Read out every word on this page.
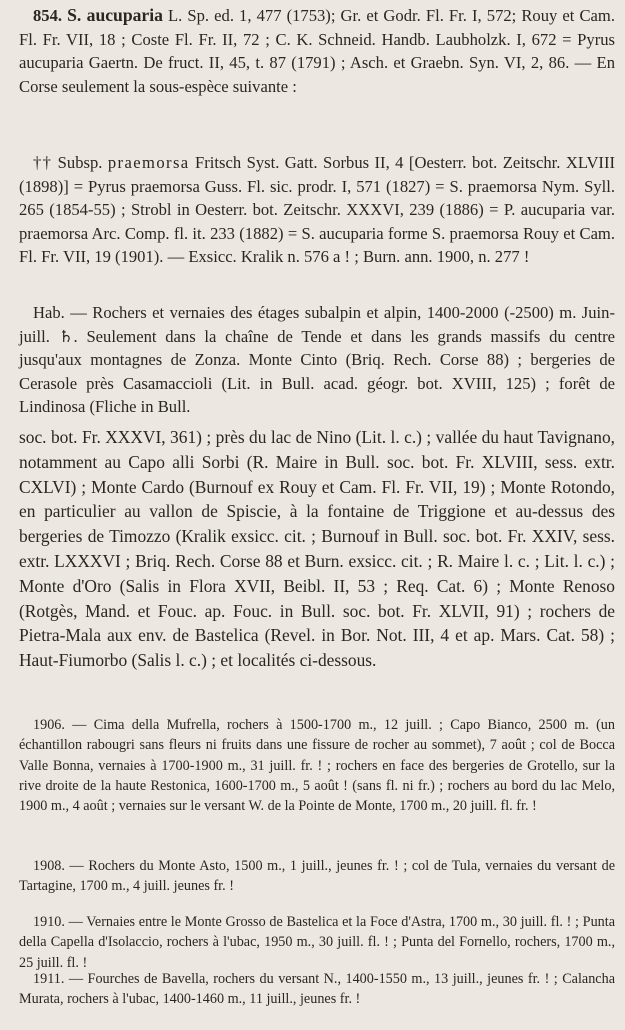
854. S. aucuparia L. Sp. ed. 1, 477 (1753); Gr. et Godr. Fl. Fr. I, 572; Rouy et Cam. Fl. Fr. VII, 18 ; Coste Fl. Fr. II, 72 ; C. K. Schneid. Handb. Laubholzk. I, 672 = Pyrus aucuparia Gaertn. De fruct. II, 45, t. 87 (1791) ; Asch. et Graebn. Syn. VI, 2, 86. — En Corse seulement la sous-espèce suivante :

†† Subsp. praemorsa Fritsch Syst. Gatt. Sorbus II, 4 [Oesterr. bot. Zeitschr. XLVIII (1898)] = Pyrus praemorsa Guss. Fl. sic. prodr. I, 571 (1827) = S. praemorsa Nym. Syll. 265 (1854-55) ; Strobl in Oesterr. bot. Zeitschr. XXXVI, 239 (1886) = P. aucuparia var. praemorsa Arc. Comp. fl. it. 233 (1882) = S. aucuparia forme S. praemorsa Rouy et Cam. Fl. Fr. VII, 19 (1901). — Exsicc. Kralik n. 576 a ! ; Burn. ann. 1900, n. 277 !

Hab. — Rochers et vernaies des étages subalpin et alpin, 1400-2000 (-2500) m. Juin-juill. ♄. Seulement dans la chaîne de Tende et dans les grands massifs du centre jusqu'aux montagnes de Zonza. Monte Cinto (Briq. Rech. Corse 88) ; bergeries de Cerasole près Casamaccioli (Lit. in Bull. acad. géogr. bot. XVIII, 125) ; forêt de Lindinosa (Fliche in Bull.

soc. bot. Fr. XXXVI, 361) ; près du lac de Nino (Lit. l. c.) ; vallée du haut Tavignano, notamment au Capo alli Sorbi (R. Maire in Bull. soc. bot. Fr. XLVIII, sess. extr. CXLVI) ; Monte Cardo (Burnouf ex Rouy et Cam. Fl. Fr. VII, 19) ; Monte Rotondo, en particulier au vallon de Spiscie, à la fontaine de Triggione et au-dessus des bergeries de Timozzo (Kralik exsicc. cit. ; Burnouf in Bull. soc. bot. Fr. XXIV, sess. extr. LXXXVI ; Briq. Rech. Corse 88 et Burn. exsicc. cit. ; R. Maire l. c. ; Lit. l. c.) ; Monte d'Oro (Salis in Flora XVII, Beibl. II, 53 ; Req. Cat. 6) ; Monte Renoso (Rotgès, Mand. et Fouc. ap. Fouc. in Bull. soc. bot. Fr. XLVII, 91) ; rochers de Pietra-Mala aux env. de Bastelica (Revel. in Bor. Not. III, 4 et ap. Mars. Cat. 58) ; Haut-Fiumorbo (Salis l. c.) ; et localités ci-dessous.

1906. — Cima della Mufrella, rochers à 1500-1700 m., 12 juill. ; Capo Bianco, 2500 m. (un échantillon rabougri sans fleurs ni fruits dans une fissure de rocher au sommet), 7 août ; col de Bocca Valle Bonna, vernaies à 1700-1900 m., 31 juill. fr. ! ; rochers en face des bergeries de Grotello, sur la rive droite de la haute Restonica, 1600-1700 m., 5 août ! (sans fl. ni fr.) ; rochers au bord du lac Melo, 1900 m., 4 août ; vernaies sur le versant W. de la Pointe de Monte, 1700 m., 20 juill. fl. fr. !

1908. — Rochers du Monte Asto, 1500 m., 1 juill., jeunes fr. ! ; col de Tula, vernaies du versant de Tartagine, 1700 m., 4 juill. jeunes fr. !

1910. — Vernaies entre le Monte Grosso de Bastelica et la Foce d'Astra, 1700 m., 30 juill. fl. ! ; Punta della Capella d'Isolaccio, rochers à l'ubac, 1950 m., 30 juill. fl. ! ; Punta del Fornello, rochers, 1700 m., 25 juill. fl. !

1911. — Fourches de Bavella, rochers du versant N., 1400-1550 m., 13 juill., jeunes fr. ! ; Calancha Murata, rochers à l'ubac, 1400-1460 m., 11 juill., jeunes fr. !
